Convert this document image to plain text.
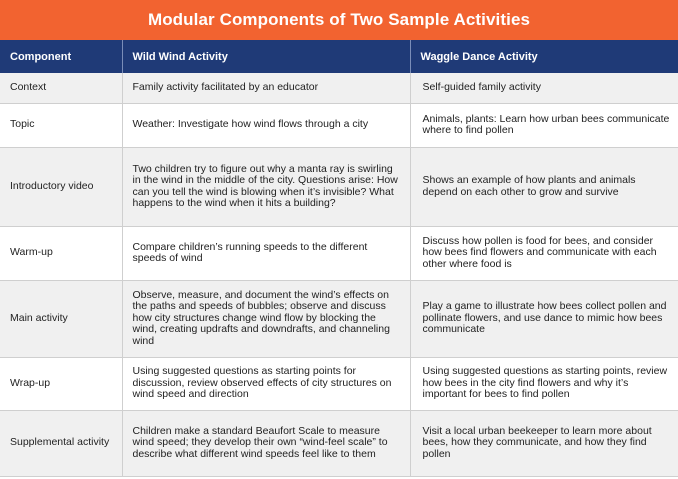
Modular Components of Two Sample Activities
Component	Wild Wind Activity	Waggle Dance Activity
Context	Family activity facilitated by an educator	Self-guided family activity
Topic	Weather: Investigate how wind flows through a city	Animals, plants: Learn how urban bees communicate where to find pollen
Introductory video	Two children try to figure out why a manta ray is swirling in the wind in the middle of the city. Questions arise: How can you tell the wind is blowing when it’s invisible? What happens to the wind when it hits a building?	Shows an example of how plants and animals depend on each other to grow and survive
Warm-up	Compare children’s running speeds to the different speeds of wind	Discuss how pollen is food for bees, and consider how bees find flowers and communicate with each other where food is
Main activity	Observe, measure, and document the wind’s effects on the paths and speeds of bubbles; observe and discuss how city structures change wind flow by blocking the wind, creating updrafts and downdrafts, and channeling wind	Play a game to illustrate how bees collect pollen and pollinate flowers, and use dance to mimic how bees communicate
Wrap-up	Using suggested questions as starting points for discussion, review observed effects of city structures on wind speed and direction	Using suggested questions as starting points, review how bees in the city find flowers and why it’s important for bees to find pollen
Supplemental activity	Children make a standard Beaufort Scale to measure wind speed; they develop their own “wind-feel scale” to describe what different wind speeds feel like to them	Visit a local urban beekeeper to learn more about bees, how they communicate, and how they find pollen
